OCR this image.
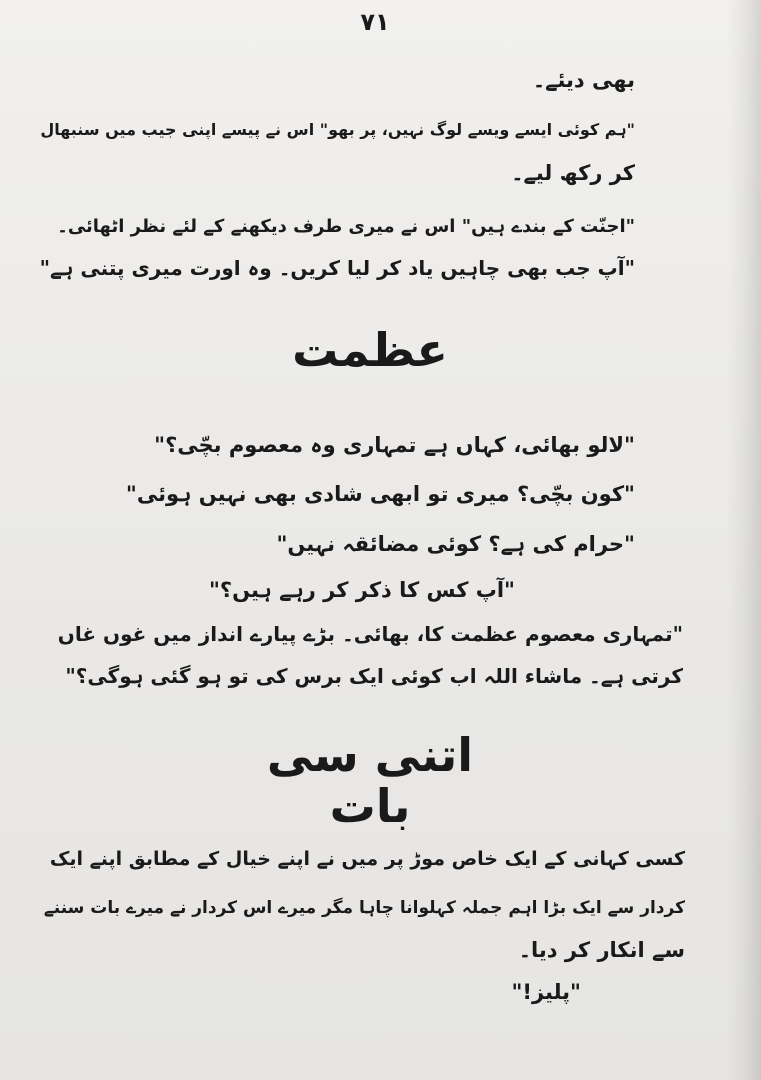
٧١
بھی دیئے۔
"ہم کوئی ایسے ویسے لوگ نہیں، پر بھو" اس نے پیسے اپنی جیب میں سنبھال
کر رکھ لیے۔
"اجنّت کے بندے ہیں" اس نے میری طرف دیکھنے کے لئے نظر اٹھائی۔
"آپ جب بھی چاہیں یاد کر لیا کریں۔ وہ اورت میری پتنی ہے"
عظمت
"لالو بھائی، کہاں ہے تمہاری وہ معصوم بچّی؟"
"کون بچّی؟ میری تو ابھی شادی بھی نہیں ہوئی"
"حرام کی ہے؟ کوئی مضائقہ نہیں"
"آپ کس کا ذکر کر رہے ہیں؟"
"تمہاری معصوم عظمت کا، بھائی۔ بڑے پیارے انداز میں غوں غاں
کرتی ہے۔ ماشاء اللہ اب کوئی ایک برس کی تو ہو گئی ہوگی؟"
اتنی سی بات
کسی کہانی کے ایک خاص موڑ پر میں نے اپنے خیال کے مطابق اپنے ایک
کردار سے ایک بڑا اہم جملہ کہلوانا چاہا مگر میرے اس کردار نے میرے بات سننے
سے انکار کر دیا۔
"پلیز!"
